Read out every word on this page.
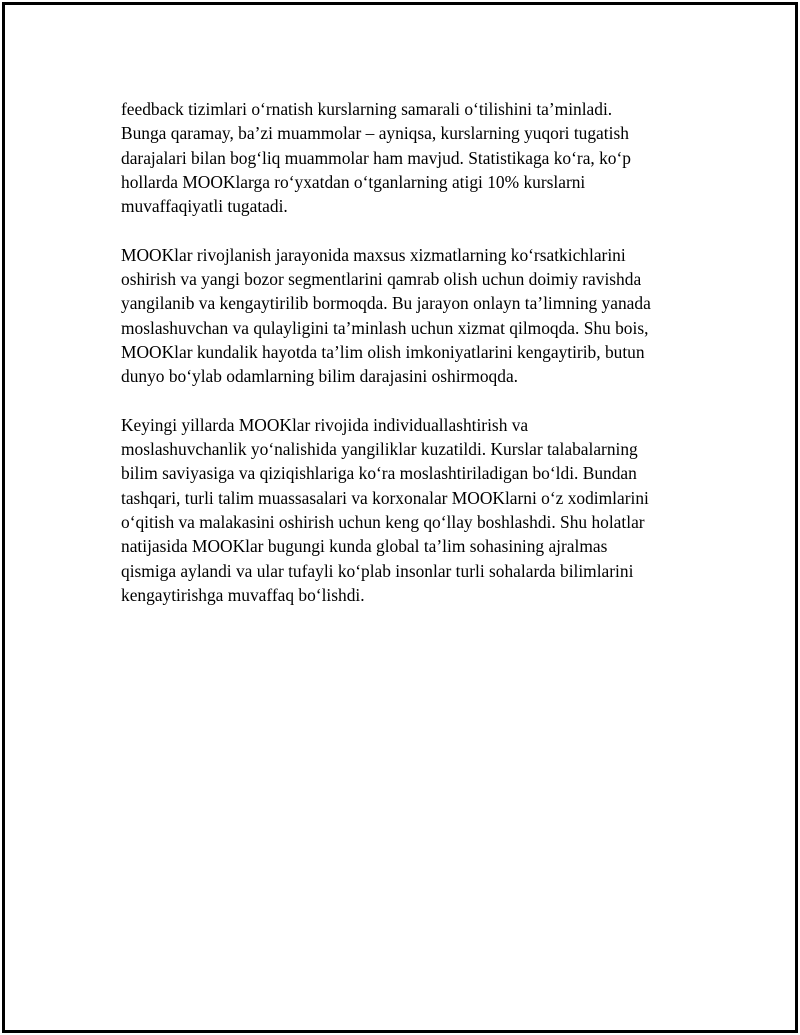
feedback tizimlari oʻrnatish kurslarning samarali oʻtilishini taʼminladi.
Bunga qaramay, baʼzi muammolar – ayniqsa, kurslarning yuqori tugatish
darajalari bilan bogʻliq muammolar ham mavjud. Statistikaga koʻra, koʻp
hollarda MOOKlarga roʻyxatdan oʻtganlarning atigi 10% kurslarni
muvaffaqiyatli tugatadi.

MOOKlar rivojlanish jarayonida maxsus xizmatlarning koʻrsatkichlarini
oshirish va yangi bozor segmentlarini qamrab olish uchun doimiy ravishda
yangilanib va kengaytirilib bormoqda. Bu jarayon onlayn taʼlimning yanada
moslashuvchan va qulayligini taʼminlash uchun xizmat qilmoqda. Shu bois,
MOOKlar kundalik hayotda taʼlim olish imkoniyatlarini kengaytirib, butun
dunyo boʻylab odamlarning bilim darajasini oshirmoqda.

Keyingi yillarda MOOKlar rivojida individuallashtirish va
moslashuvchanlik yoʻnalishida yangiliklar kuzatildi. Kurslar talabalarning
bilim saviyasiga va qiziqishlariga koʻra moslashtiriladigan boʻldi. Bundan
tashqari, turli talim muassasalari va korxonalar MOOKlarni oʻz xodimlarini
oʻqitish va malakasini oshirish uchun keng qoʻllay boshlashdi. Shu holatlar
natijasida MOOKlar bugungi kunda global taʼlim sohasining ajralmas
qismiga aylandi va ular tufayli koʻplab insonlar turli sohalarda bilimlarini
kengaytirishga muvaffaq boʻlishdi.
